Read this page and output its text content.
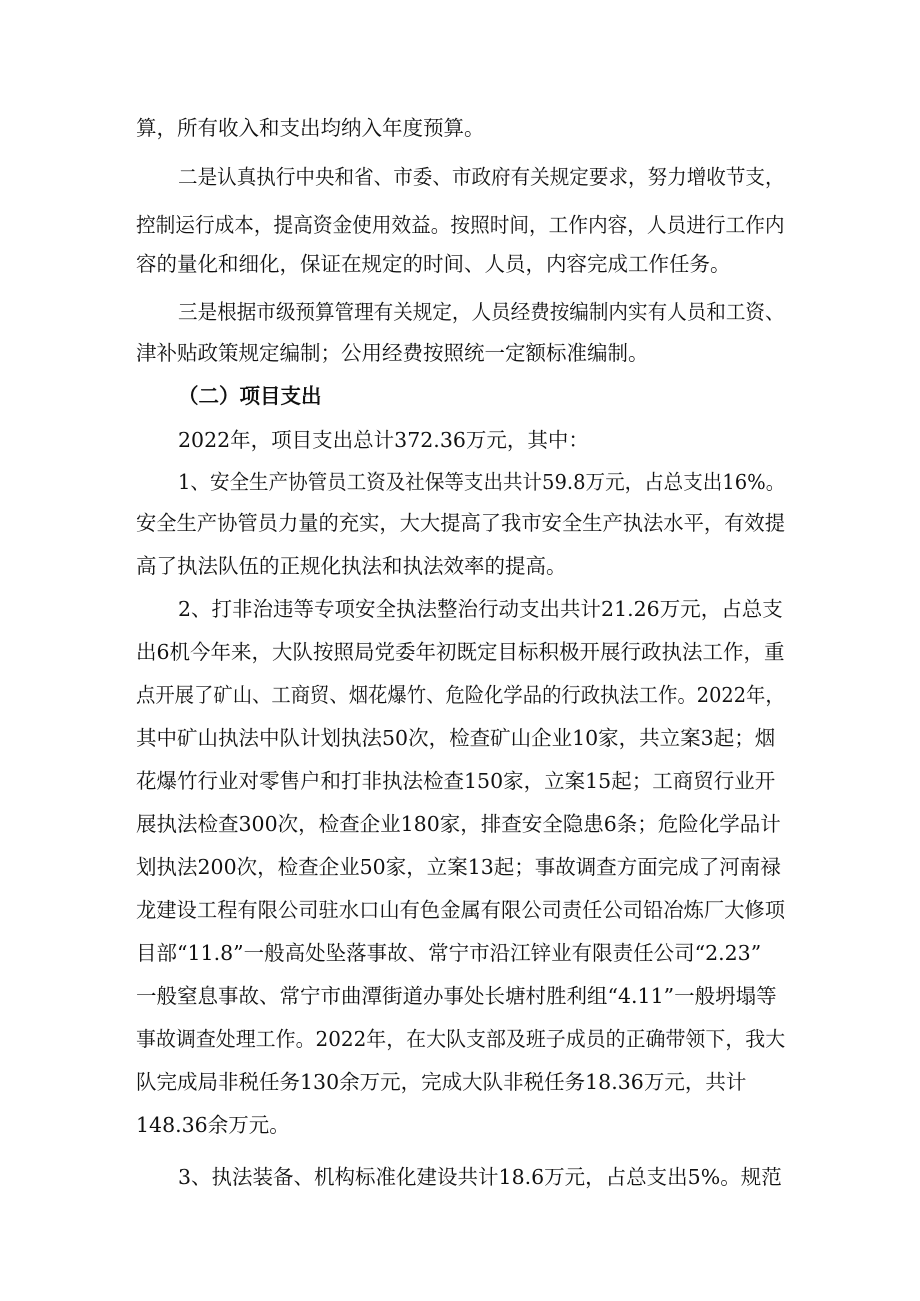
算，所有收入和支出均纳入年度预算。
二是认真执行中央和省、市委、市政府有关规定要求，努力增收节支，
控制运行成本，提高资金使用效益。按照时间，工作内容，人员进行工作内
容的量化和细化，保证在规定的时间、人员，内容完成工作任务。
三是根据市级预算管理有关规定，人员经费按编制内实有人员和工资、
津补贴政策规定编制；公用经费按照统一定额标准编制。
（二）项目支出
2022年，项目支出总计372.36万元，其中：
1、安全生产协管员工资及社保等支出共计59.8万元，占总支出16%。
安全生产协管员力量的充实，大大提高了我市安全生产执法水平，有效提
高了执法队伍的正规化执法和执法效率的提高。
2、打非治违等专项安全执法整治行动支出共计21.26万元，占总支
出6机今年来，大队按照局党委年初既定目标积极开展行政执法工作，重
点开展了矿山、工商贸、烟花爆竹、危险化学品的行政执法工作。2022年，
其中矿山执法中队计划执法50次，检查矿山企业10家，共立案3起；烟
花爆竹行业对零售户和打非执法检查150家，立案15起；工商贸行业开
展执法检查300次，检查企业180家，排查安全隐患6条；危险化学品计
划执法200次，检查企业50家，立案13起；事故调查方面完成了河南禄
龙建设工程有限公司驻水口山有色金属有限公司责任公司铅冶炼厂大修项
目部“11.8”一般高处坠落事故、常宁市沿江锌业有限责任公司“2.23”
一般窒息事故、常宁市曲潭街道办事处长塘村胜利组“4.11”一般坍塌等
事故调查处理工作。2022年，在大队支部及班子成员的正确带领下，我大
队完成局非税任务130余万元，完成大队非税任务18.36万元，共计
148.36余万元。
3、执法装备、机构标准化建设共计18.6万元，占总支出5%。规范
